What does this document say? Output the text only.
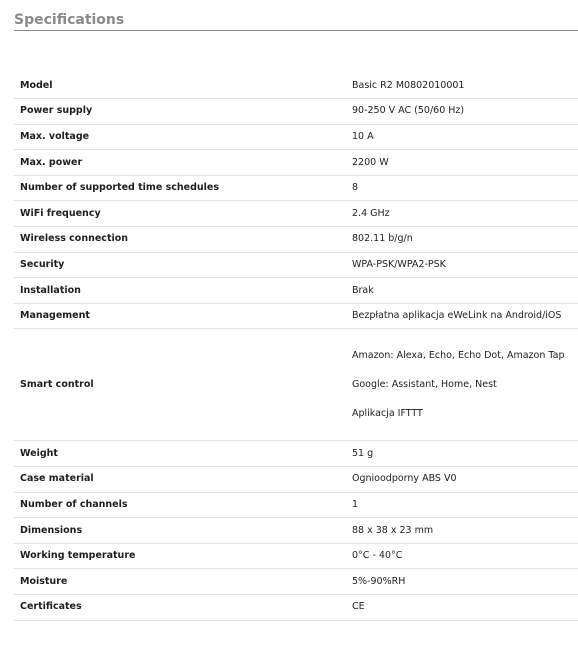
Specifications
Model	Basic R2 M0802010001
Power supply	90-250 V AC (50/60 Hz)
Max. voltage	10 A
Max. power	2200 W
Number of supported time schedules	8
WiFi frequency	2.4 GHz
Wireless connection	802.11 b/g/n
Security	WPA-PSK/WPA2-PSK
Installation	Brak
Management	Bezpłatna aplikacja eWeLink na Android/iOS
Smart control	Amazon: Alexa, Echo, Echo Dot, Amazon Tap
Google: Assistant, Home, Nest
Aplikacja IFTTT

Weight	51 g
Case material	Ognioodporny ABS V0
Number of channels	1
Dimensions	88 x 38 x 23 mm
Working temperature	0°C - 40°C
Moisture	5%-90%RH
Certificates	CE
